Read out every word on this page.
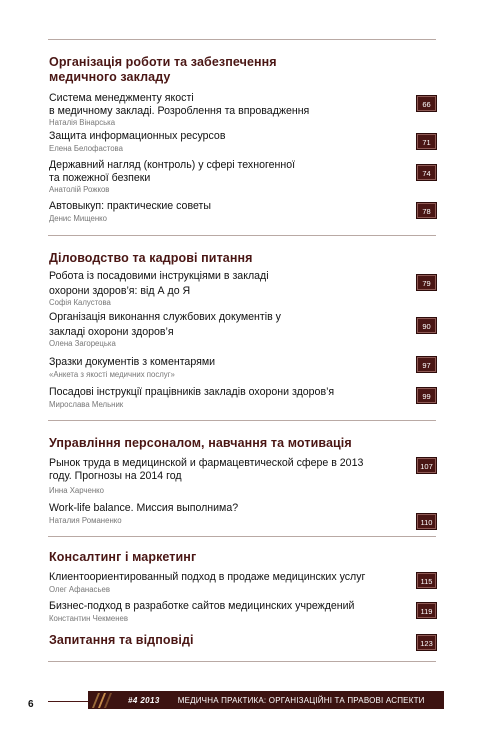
Організація роботи та забезпечення
медичного закладу
Система менеджменту якості
в медичному закладі. Розроблення та впровадження
Наталія Вінарська
66
Защита информационных ресурсов
Елена Белофастова
71
Державний нагляд (контроль) у сфері техногенної
та пожежної безпеки
Анатолій Рожков
74
Автовыкуп: практические советы
Денис Мищенко
78
Діловодство та кадрові питання
Робота із посадовими інструкціями в закладі
охорони здоров’я: від А до Я
Софія Калустова
79
Організація виконання службових документів у
закладі охорони здоров’я
Олена Загорецька
90
Зразки документів з коментарями
«Анкета з якості медичних послуг»
97
Посадові інструкції працівників закладів охорони здоров’я
Мирослава Мельник
99
Управління персоналом, навчання та мотивація
Рынок труда в медицинской и фармацевтической сфере в 2013
году. Прогнозы на 2014 год
Инна Харченко
107
Work-life balance. Миссия выполнима?
Наталия Романенко	110
Консалтинг і маркетинг
Клиентоориентированный подход в продаже медицинских услуг
Олег Афанасьев
115
Бизнес-подход в разработке сайтов медицинских учреждений
Константин Чекменев
119
Запитання та відповіді	123
6	#4 2013 МЕДИЧНА ПРАКТИКА: ОРГАНІЗАЦІЙНІ ТА ПРАВОВІ АСПЕКТИ
